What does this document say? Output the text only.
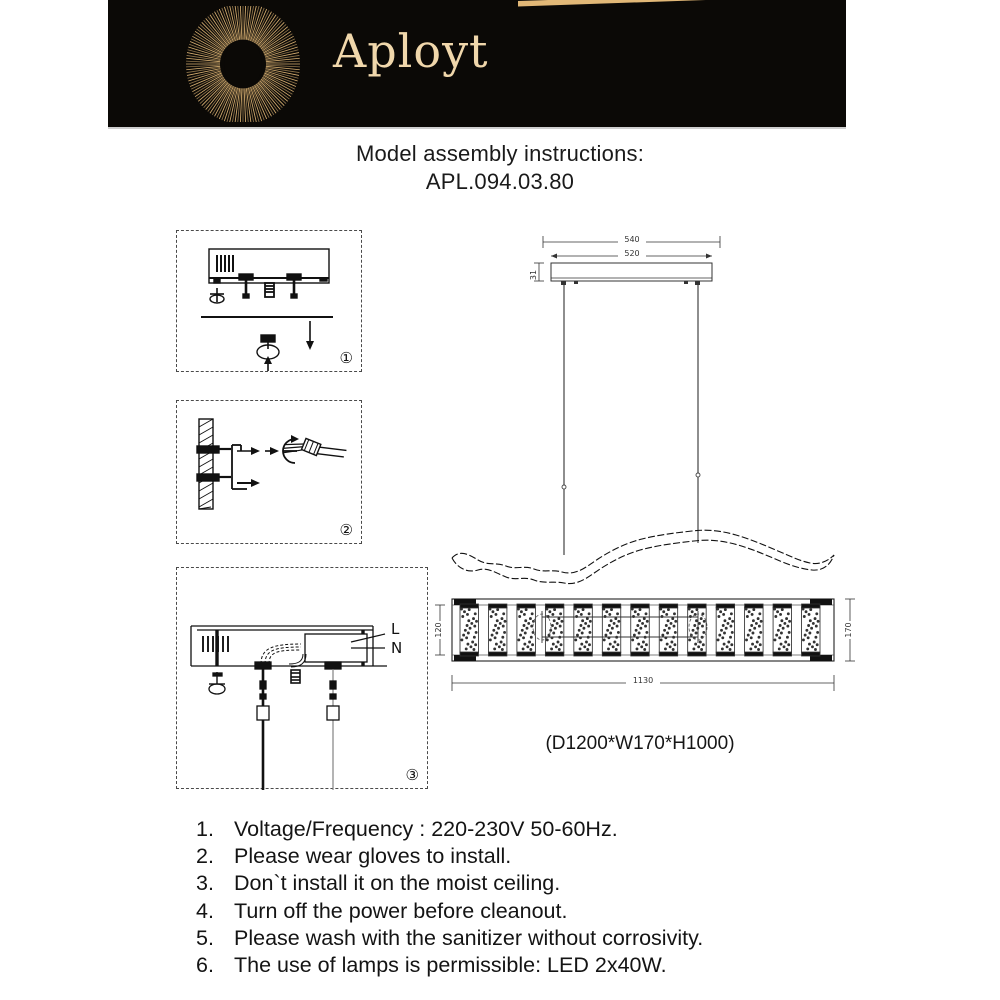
Aployt
Model assembly instructions:
APL.094.03.80
①
②
L
N
③
540
520
31
120	170
1130
(D1200*W170*H1000)
1. Voltage/Frequency : 220-230V 50-60Hz.
2. Please wear gloves to install.
3. Don`t install it on the moist ceiling.
4. Turn off the power before cleanout.
5. Please wash with the sanitizer without corrosivity.
6. The use of lamps is permissible: LED 2x40W.
